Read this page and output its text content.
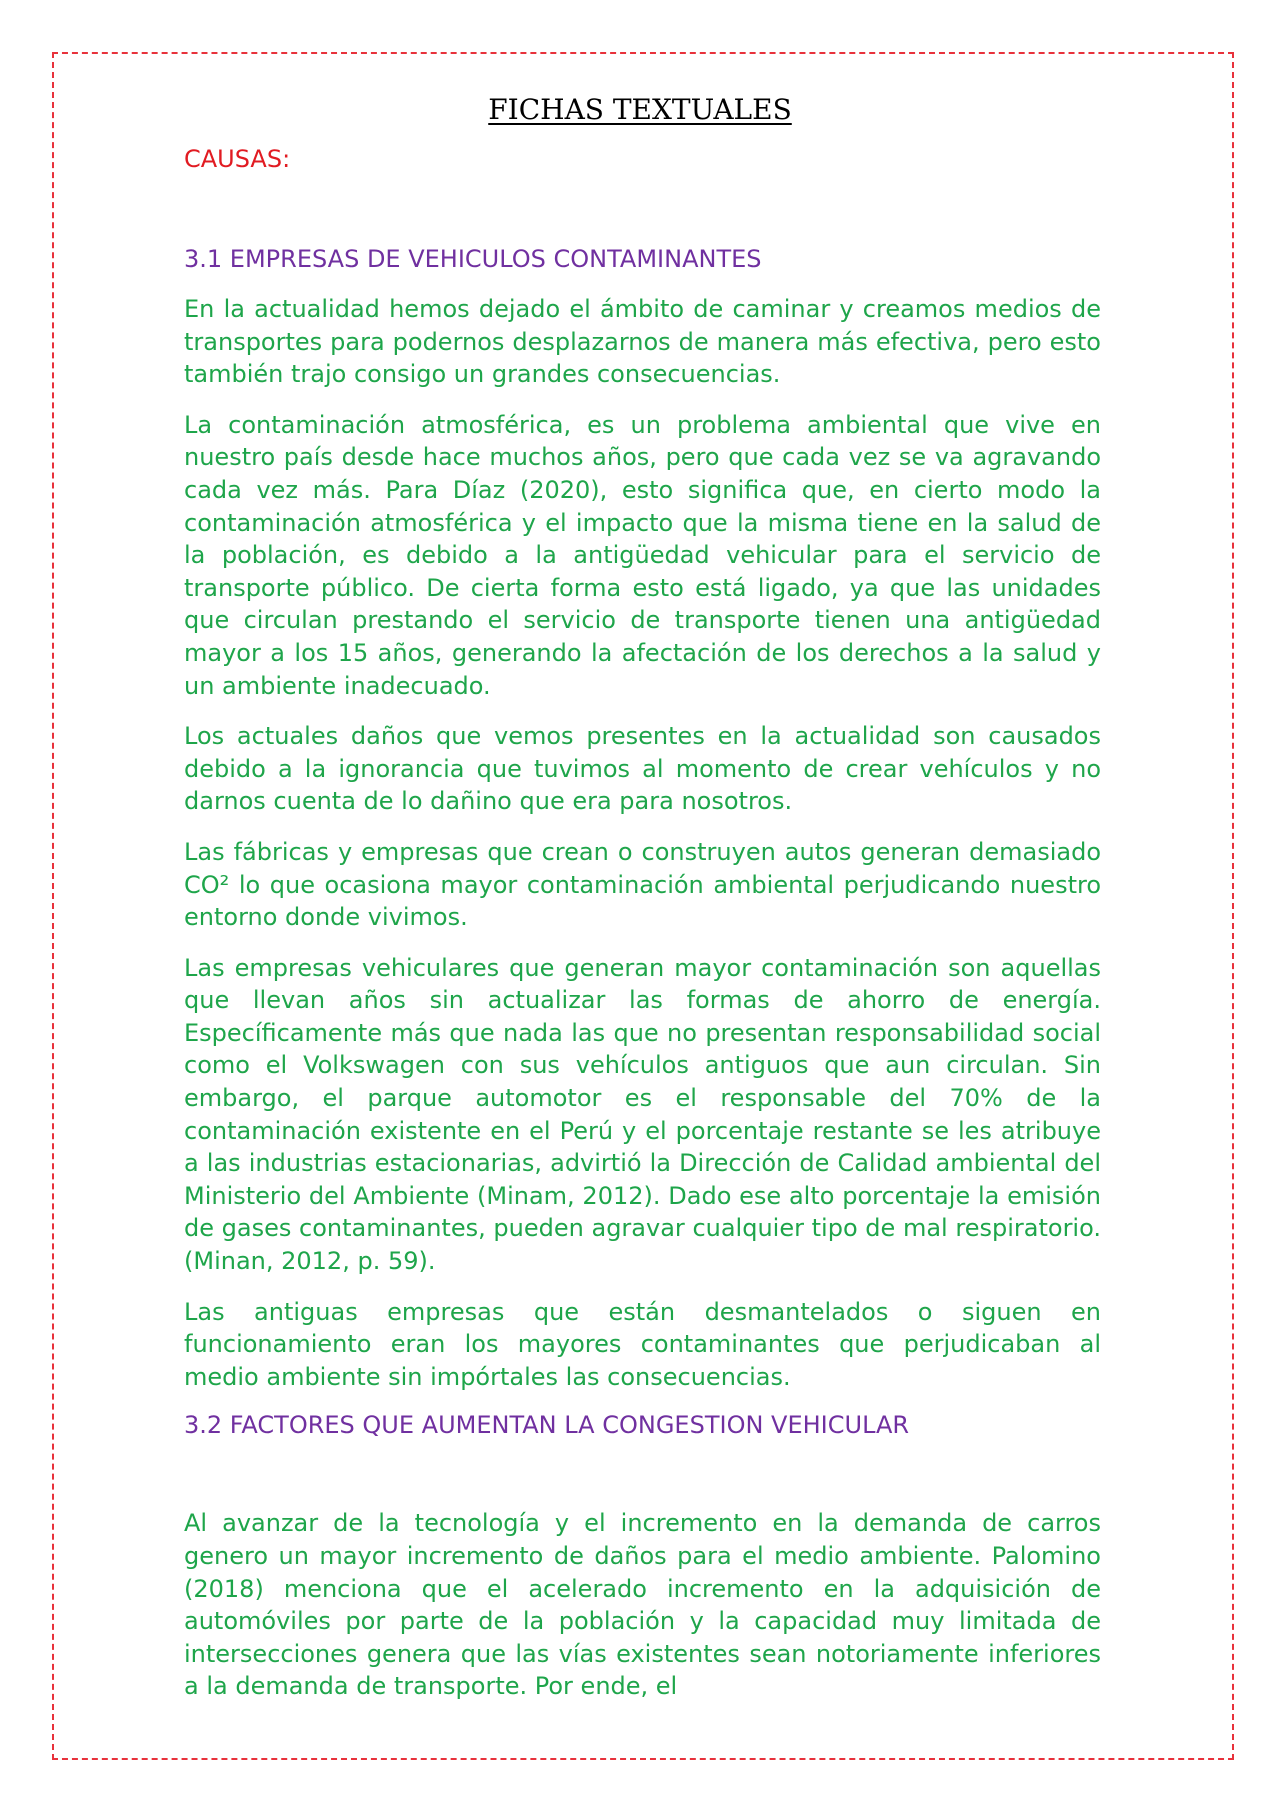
FICHAS TEXTUALES

CAUSAS:

3.1 EMPRESAS DE VEHICULOS CONTAMINANTES

En la actualidad hemos dejado el ámbito de caminar y creamos medios de transportes para podernos desplazarnos de manera más efectiva, pero esto también trajo consigo un grandes consecuencias.

La contaminación atmosférica, es un problema ambiental que vive en nuestro país desde hace muchos años, pero que cada vez se va agravando cada vez más. Para Díaz (2020), esto significa que, en cierto modo la contaminación atmosférica y el impacto que la misma tiene en la salud de la población, es debido a la antigüedad vehicular para el servicio de transporte público. De cierta forma esto está ligado, ya que las unidades que circulan prestando el servicio de transporte tienen una antigüedad mayor a los 15 años, generando la afectación de los derechos a la salud y un ambiente inadecuado.

Los actuales daños que vemos presentes en la actualidad son causados debido a la ignorancia que tuvimos al momento de crear vehículos y no darnos cuenta de lo dañino que era para nosotros.

Las fábricas y empresas que crean o construyen autos generan demasiado CO² lo que ocasiona mayor contaminación ambiental perjudicando nuestro entorno donde vivimos.

Las empresas vehiculares que generan mayor contaminación son aquellas que llevan años sin actualizar las formas de ahorro de energía. Específicamente más que nada las que no presentan responsabilidad social como el Volkswagen con sus vehículos antiguos que aun circulan. Sin embargo, el parque automotor es el responsable del 70% de la contaminación existente en el Perú y el porcentaje restante se les atribuye a las industrias estacionarias, advirtió la Dirección de Calidad ambiental del Ministerio del Ambiente (Minam, 2012). Dado ese alto porcentaje la emisión de gases contaminantes, pueden agravar cualquier tipo de mal respiratorio. (Minan, 2012, p. 59).

Las antiguas empresas que están desmantelados o siguen en funcionamiento eran los mayores contaminantes que perjudicaban al medio ambiente sin impórtales las consecuencias.

3.2 FACTORES QUE AUMENTAN LA CONGESTION VEHICULAR

Al avanzar de la tecnología y el incremento en la demanda de carros genero un mayor incremento de daños para el medio ambiente. Palomino (2018) menciona que el acelerado incremento en la adquisición de automóviles por parte de la población y la capacidad muy limitada de intersecciones genera que las vías existentes sean notoriamente inferiores a la demanda de transporte. Por ende, el
